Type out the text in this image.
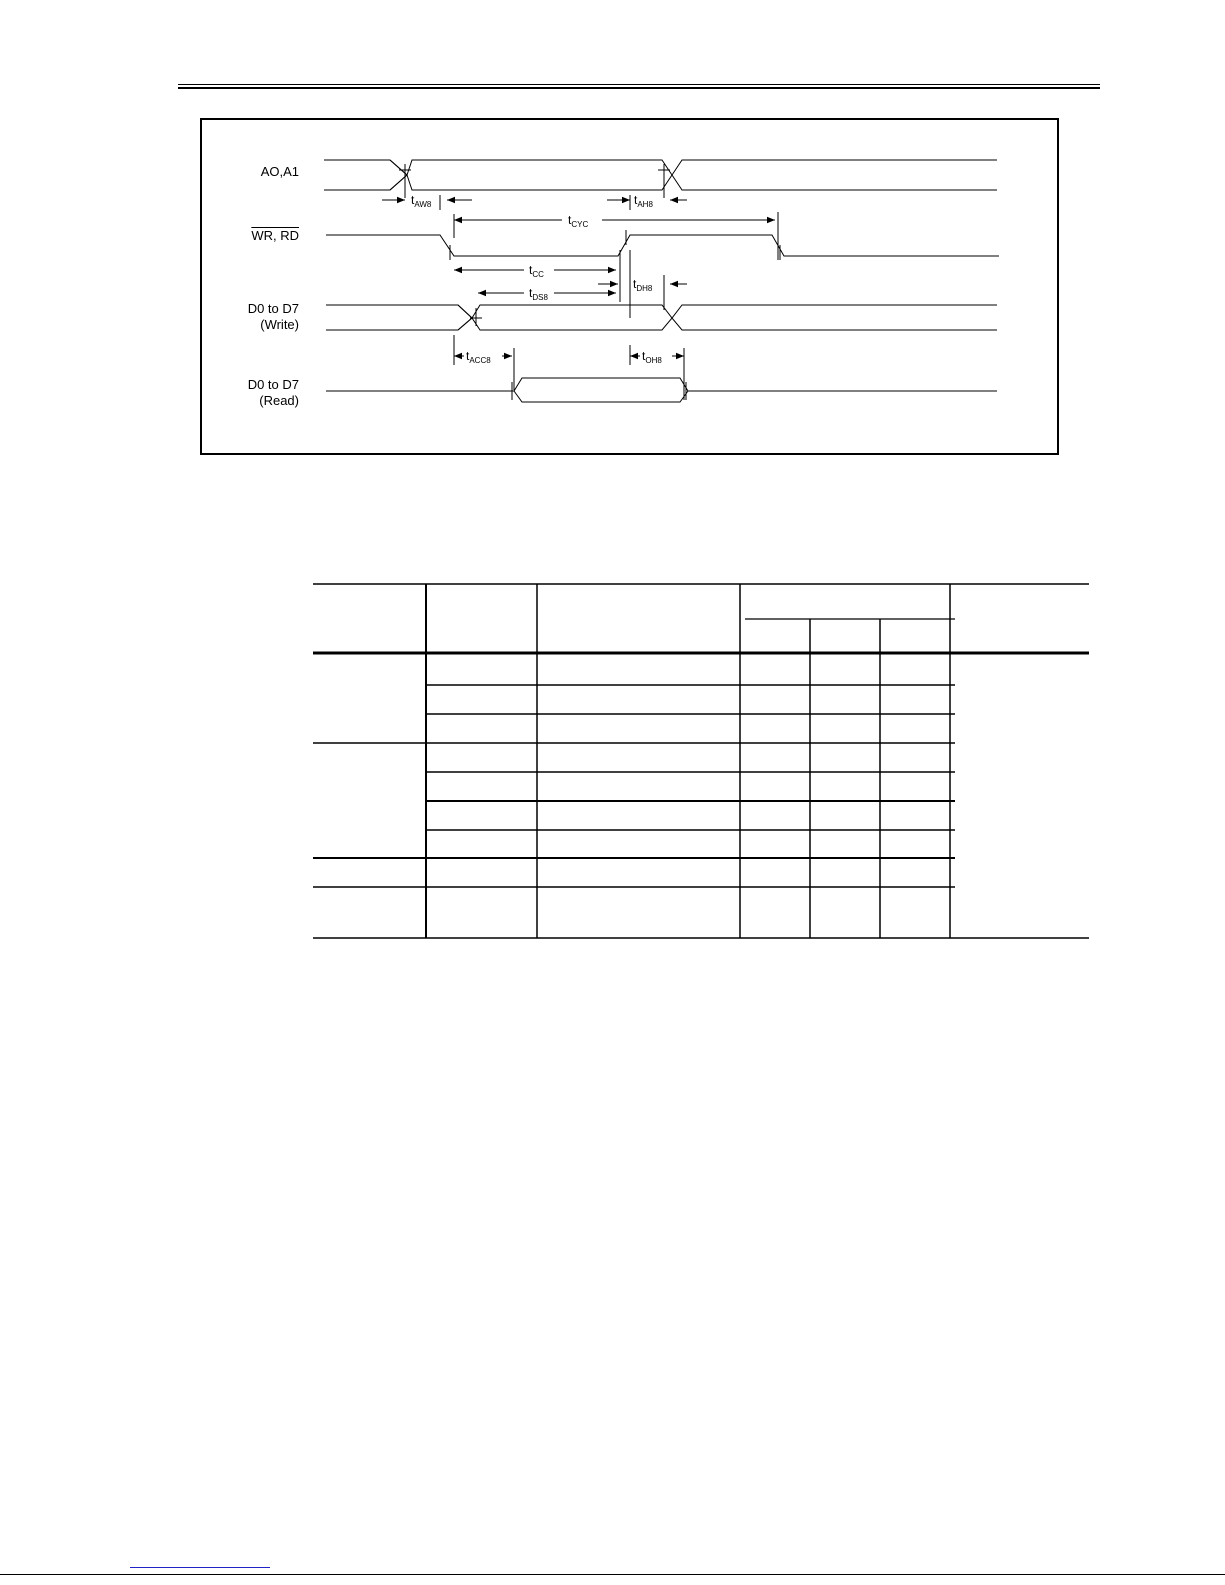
AO,A1
WR, RD
D0 to D7
(Write)
D0 to D7
(Read)
$t_{AW8}$	$t_{AH8}$
$t_{CYC}$
$t_{CC}$
$t_{DS8}$
$t_{DH8}$
$t_{ACC8}$	$t_{OH8}$
